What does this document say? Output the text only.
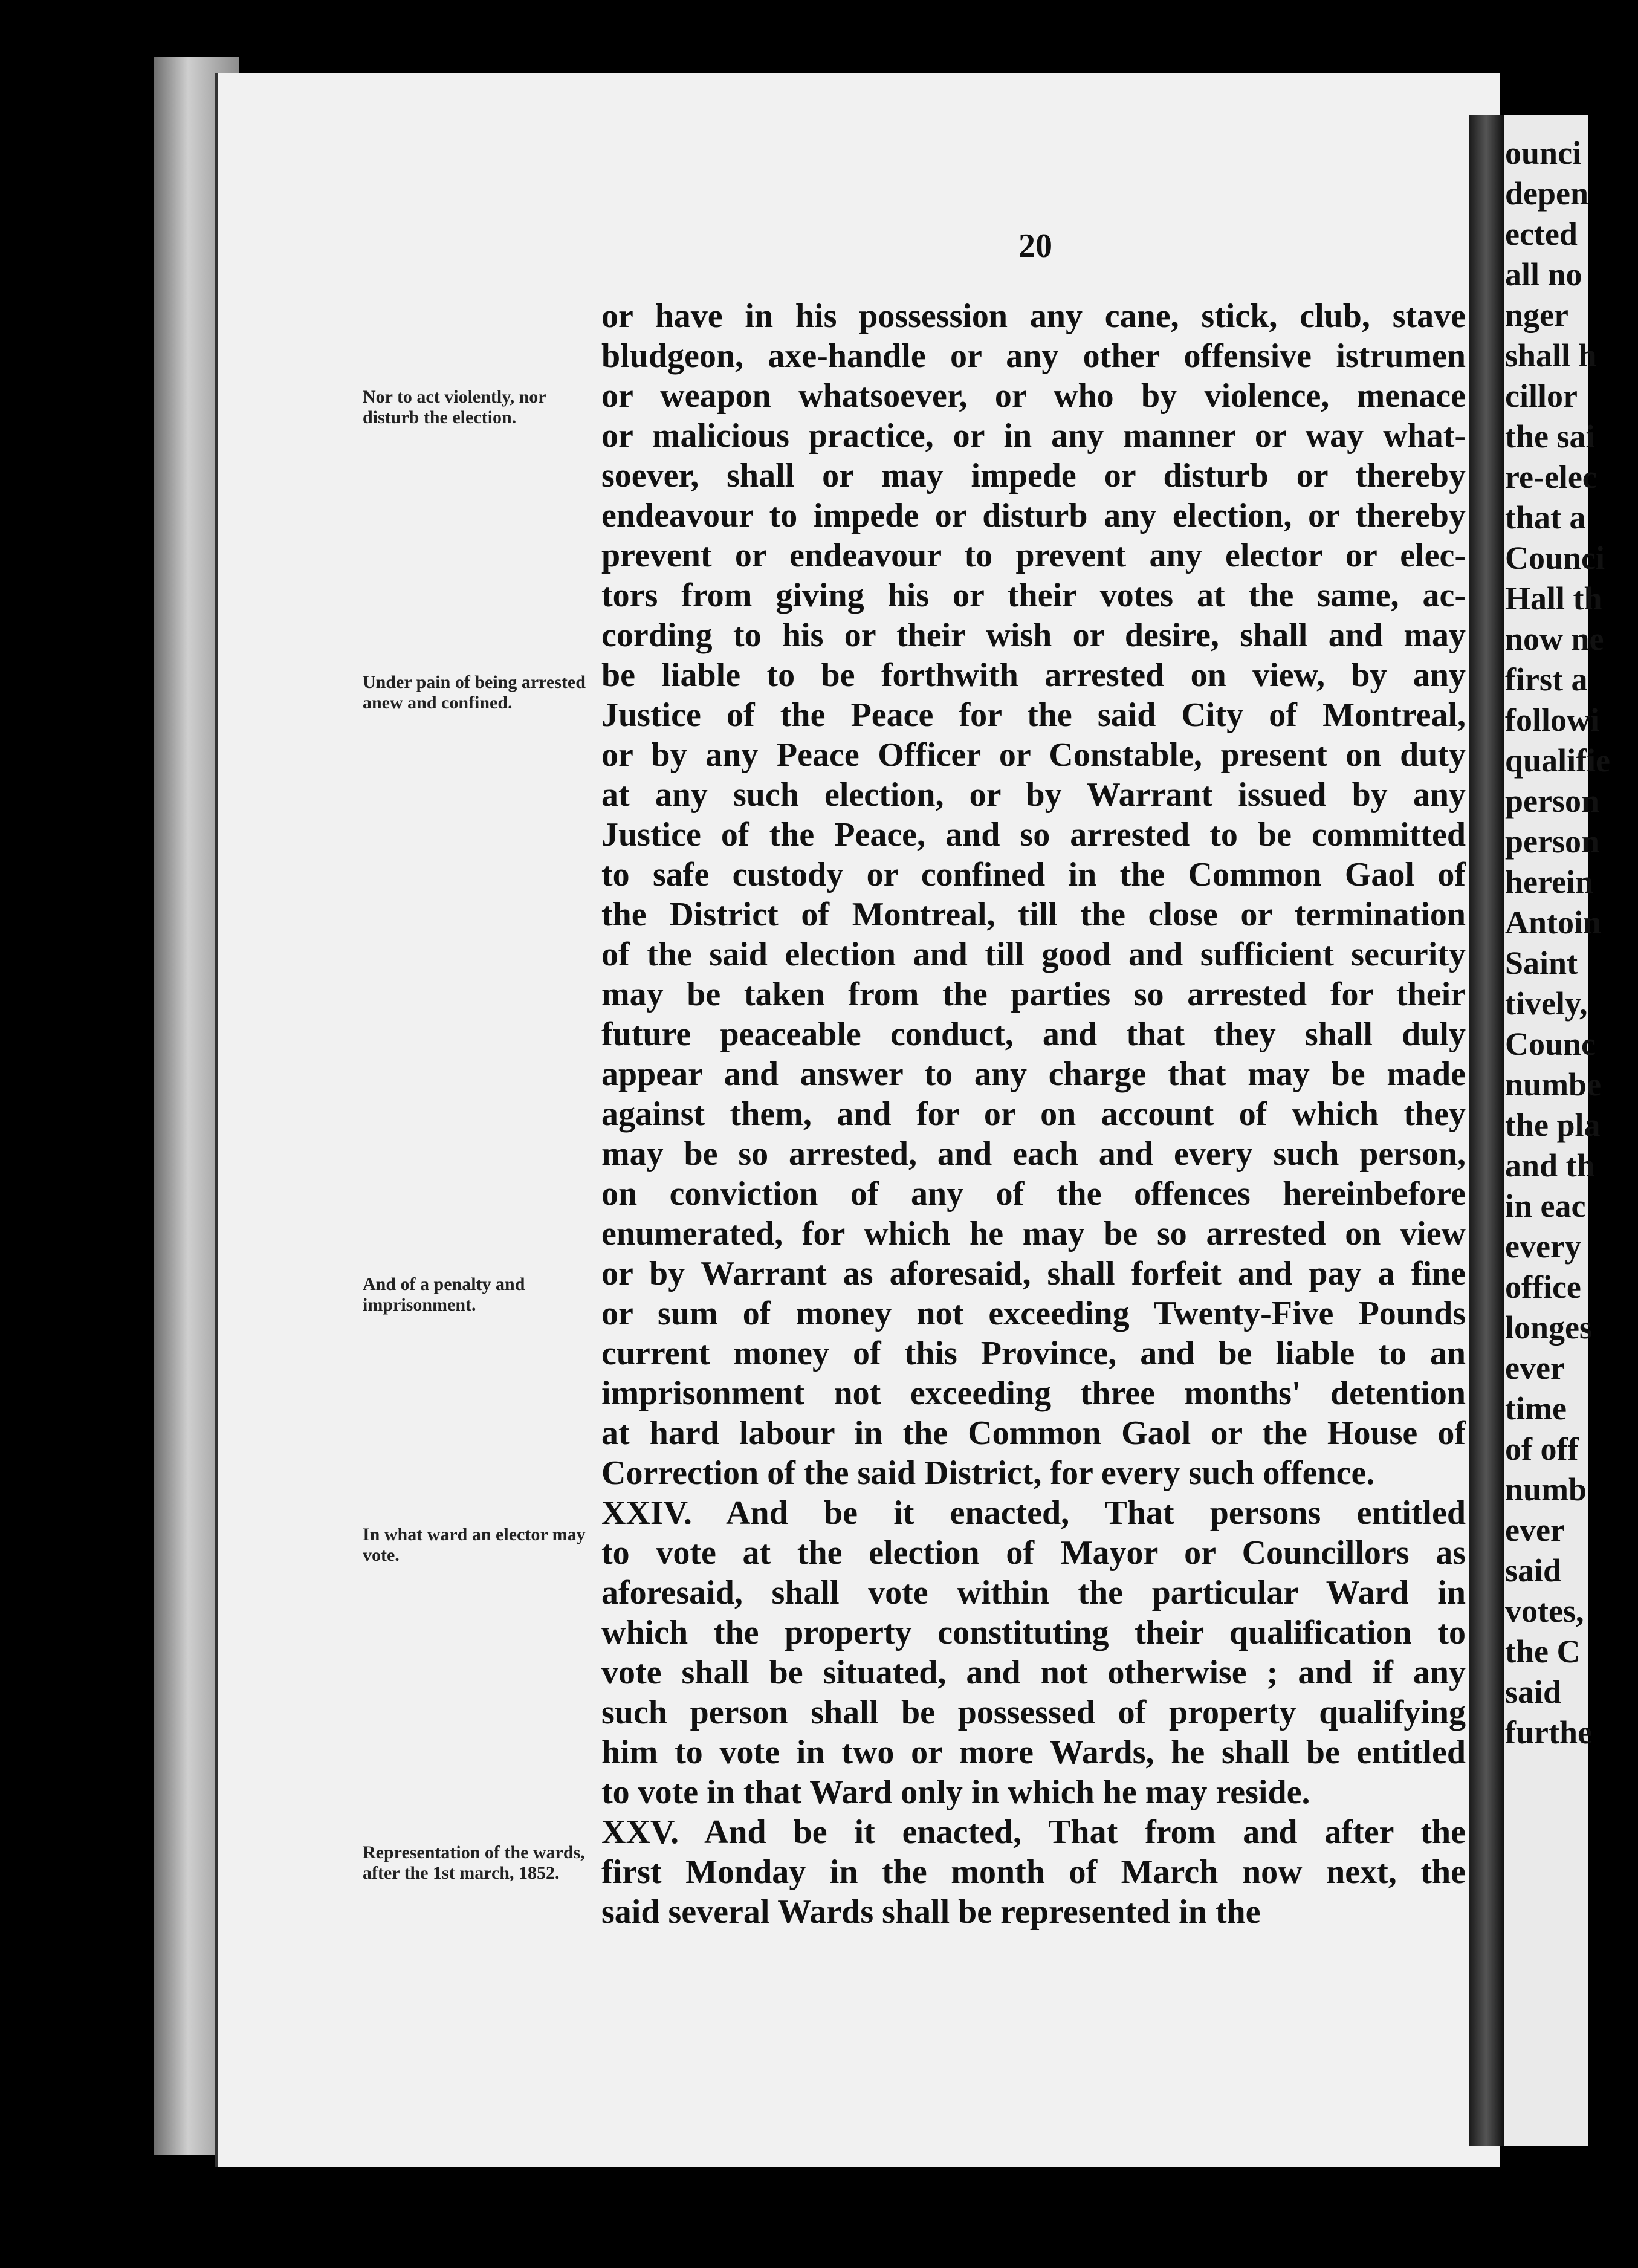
20
Nor to act violently, nor disturb the election.
Under pain of being arrested anew and confined.
And of a penalty and imprisonment.
In what ward an elector may vote.
Representation of the wards, after the 1st march, 1852.
or have in his possession any cane, stick, club, stave
bludgeon, axe-handle or any other offensive istrumen
or weapon whatsoever, or who by violence, menace
or malicious practice, or in any manner or way what-
soever, shall or may impede or disturb or thereby
endeavour to impede or disturb any election, or thereby
prevent or endeavour to prevent any elector or elec-
tors from giving his or their votes at the same, ac-
cording to his or their wish or desire, shall and may
be liable to be forthwith arrested on view, by any
Justice of the Peace for the said City of Montreal,
or by any Peace Officer or Constable, present on duty
at any such election, or by Warrant issued by any
Justice of the Peace, and so arrested to be committed
to safe custody or confined in the Common Gaol of
the District of Montreal, till the close or termination
of the said election and till good and sufficient security
may be taken from the parties so arrested for their
future peaceable conduct, and that they shall duly
appear and answer to any charge that may be made
against them, and for or on account of which they
may be so arrested, and each and every such person,
on conviction of any of the offences hereinbefore
enumerated, for which he may be so arrested on view
or by Warrant as aforesaid, shall forfeit and pay a fine
or sum of money not exceeding Twenty-Five Pounds
current money of this Province, and be liable to an
imprisonment not exceeding three months' detention
at hard labour in the Common Gaol or the House of
Correction of the said District, for every such offence.
XXIV. And be it enacted, That persons entitled
to vote at the election of Mayor or Councillors as
aforesaid, shall vote within the particular Ward in
which the property constituting their qualification to
vote shall be situated, and not otherwise ; and if any
such person shall be possessed of property qualifying
him to vote in two or more Wards, he shall be entitled
to vote in that Ward only in which he may reside.
XXV. And be it enacted, That from and after the
first Monday in the month of March now next, the
said several Wards shall be represented in the
ounci
depen
ected
all no
nger
shall h
cillor
the sai
re-elec
that a
Counci
Hall th
now ne
first a
followi
qualifie
person
person
herein
Antoin
Saint
tively,
Counc
numbe
the pla
and th
in eac
every
office
longes
ever
time
of off
numb
ever
said
votes,
the C
said
furthe
